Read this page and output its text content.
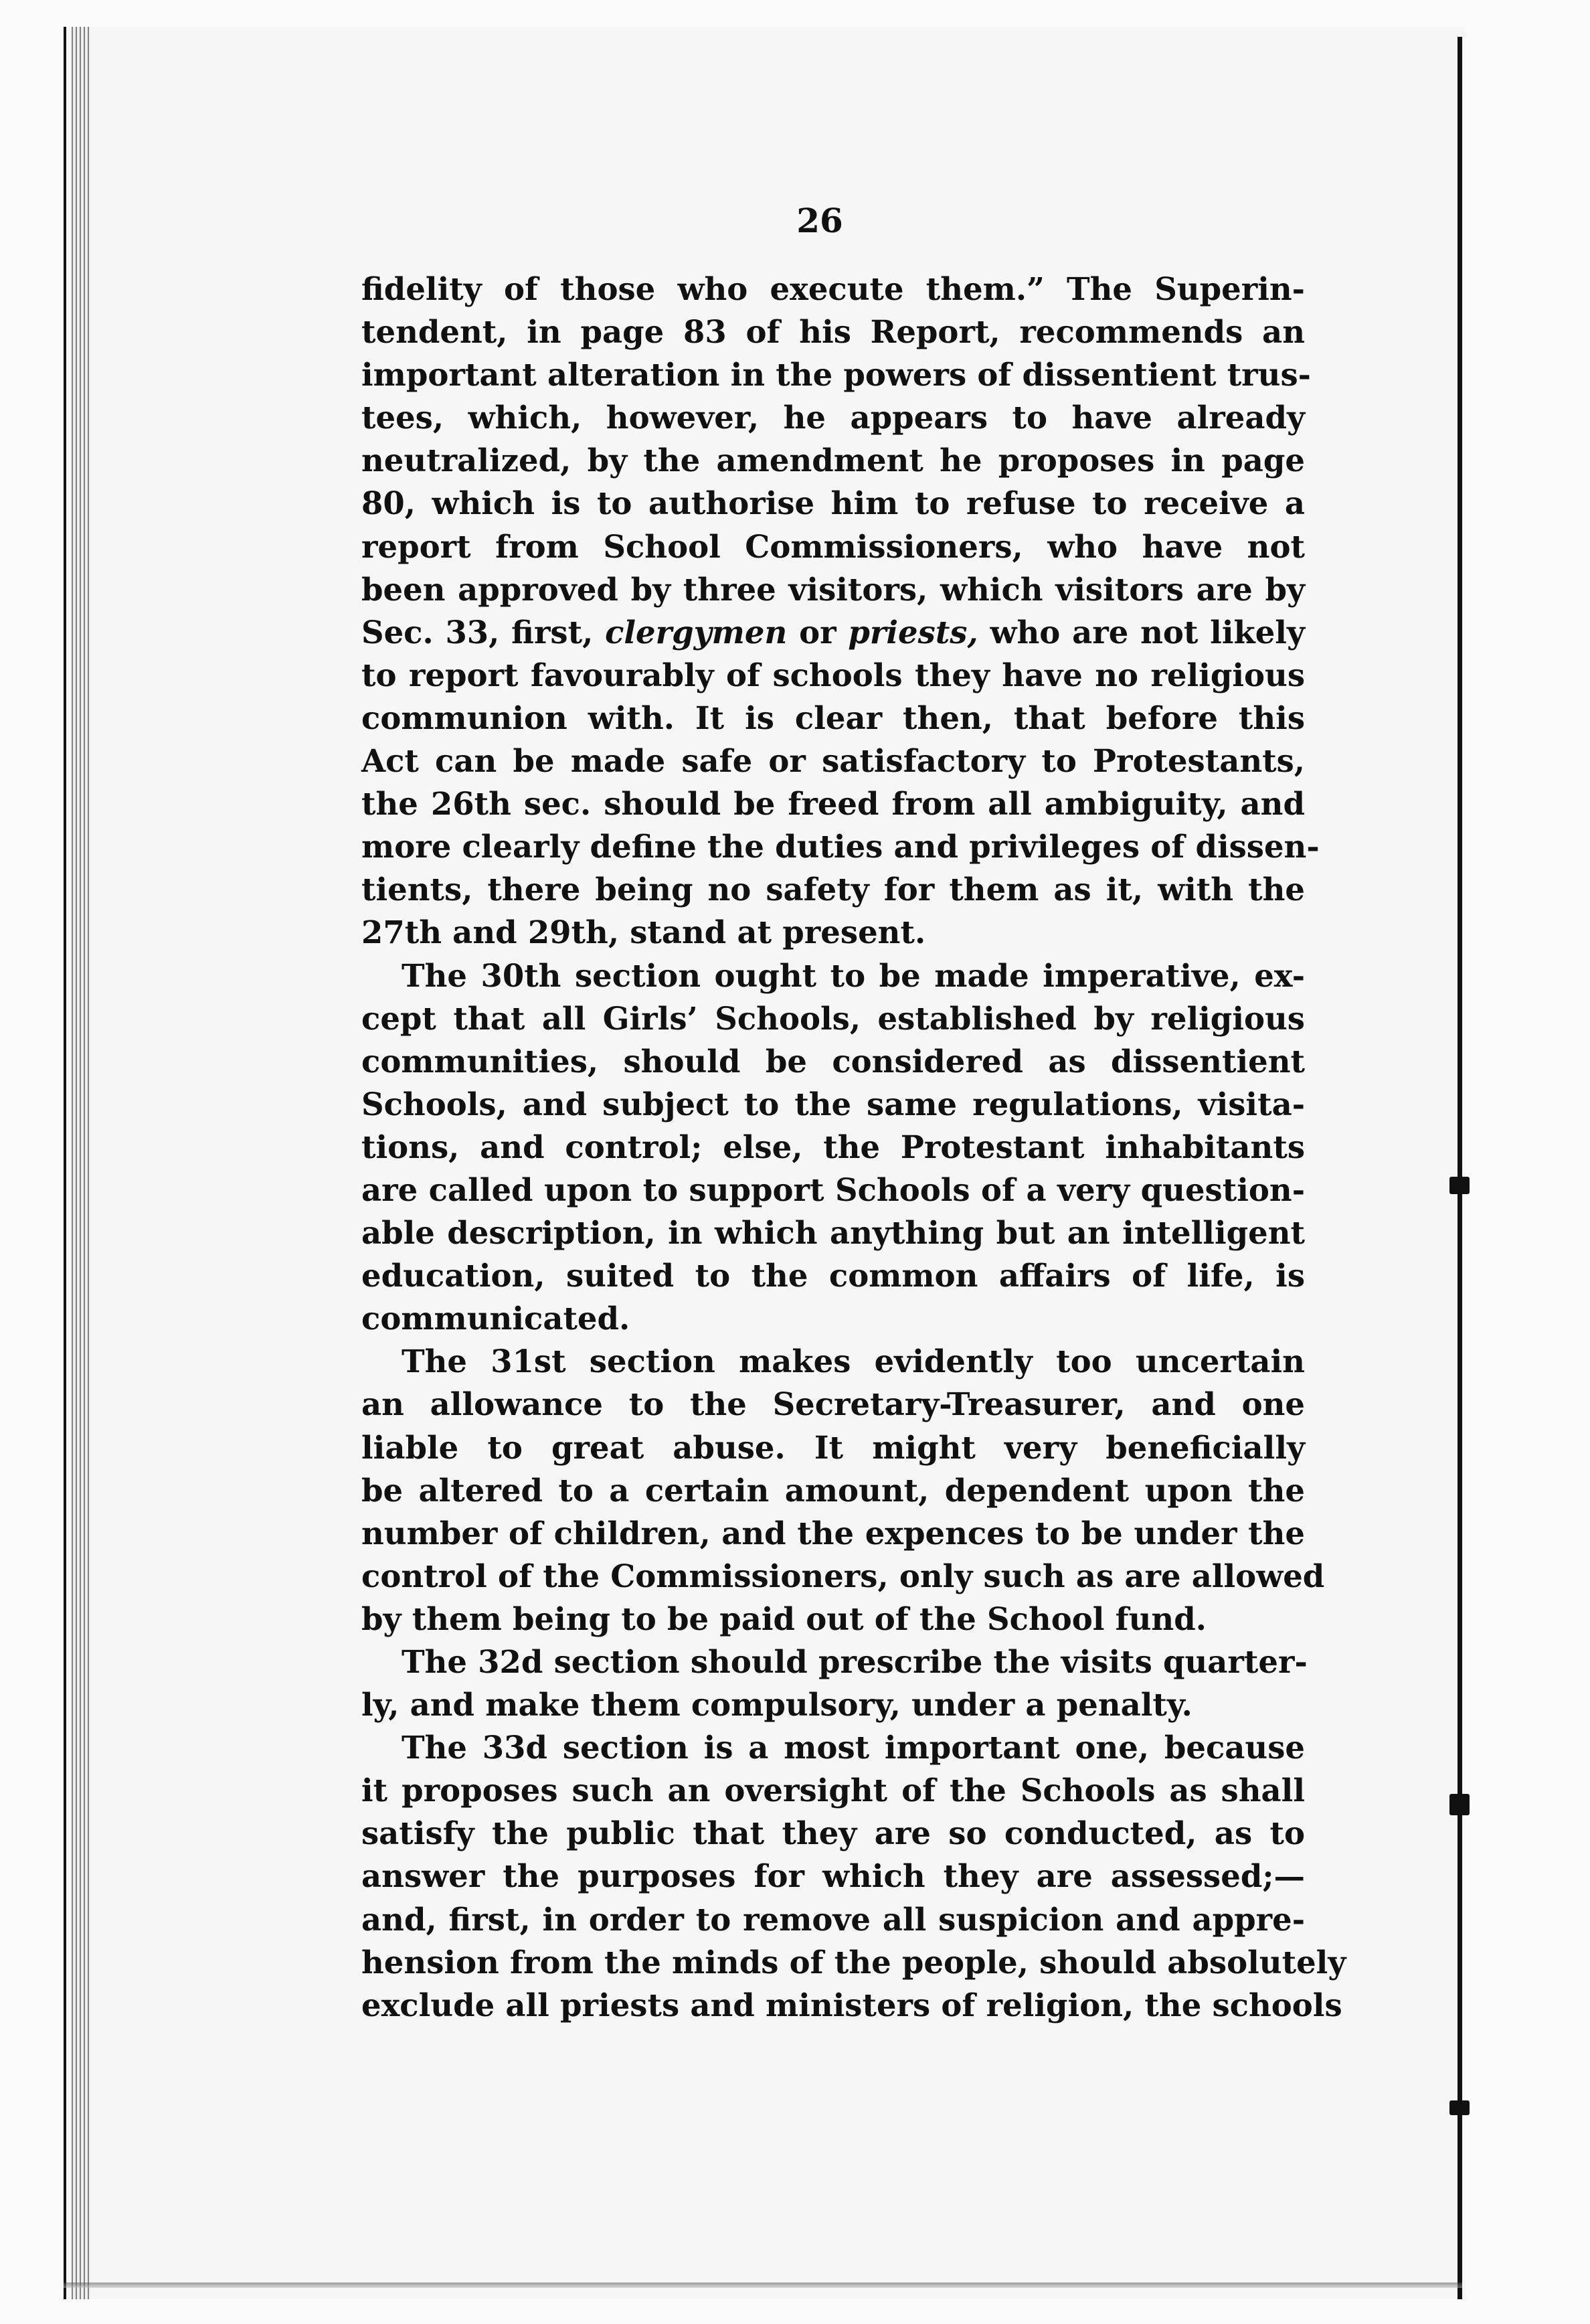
26
fidelity of those who execute them.” The Superin-
tendent, in page 83 of his Report, recommends an
important alteration in the powers of dissentient trus-
tees, which, however, he appears to have already
neutralized, by the amendment he proposes in page
80, which is to authorise him to refuse to receive a
report from School Commissioners, who have not
been approved by three visitors, which visitors are by
Sec. 33, first, clergymen or priests, who are not likely
to report favourably of schools they have no religious
communion with. It is clear then, that before this
Act can be made safe or satisfactory to Protestants,
the 26th sec. should be freed from all ambiguity, and
more clearly define the duties and privileges of dissen-
tients, there being no safety for them as it, with the
27th and 29th, stand at present.
The 30th section ought to be made imperative, ex-
cept that all Girls’ Schools, established by religious
communities, should be considered as dissentient
Schools, and subject to the same regulations, visita-
tions, and control; else, the Protestant inhabitants
are called upon to support Schools of a very question-
able description, in which anything but an intelligent
education, suited to the common affairs of life, is
communicated.
The 31st section makes evidently too uncertain
an allowance to the Secretary-Treasurer, and one
liable to great abuse. It might very beneficially
be altered to a certain amount, dependent upon the
number of children, and the expences to be under the
control of the Commissioners, only such as are allowed
by them being to be paid out of the School fund.
The 32d section should prescribe the visits quarter-
ly, and make them compulsory, under a penalty.
The 33d section is a most important one, because
it proposes such an oversight of the Schools as shall
satisfy the public that they are so conducted, as to
answer the purposes for which they are assessed;—
and, first, in order to remove all suspicion and appre-
hension from the minds of the people, should absolutely
exclude all priests and ministers of religion, the schools
